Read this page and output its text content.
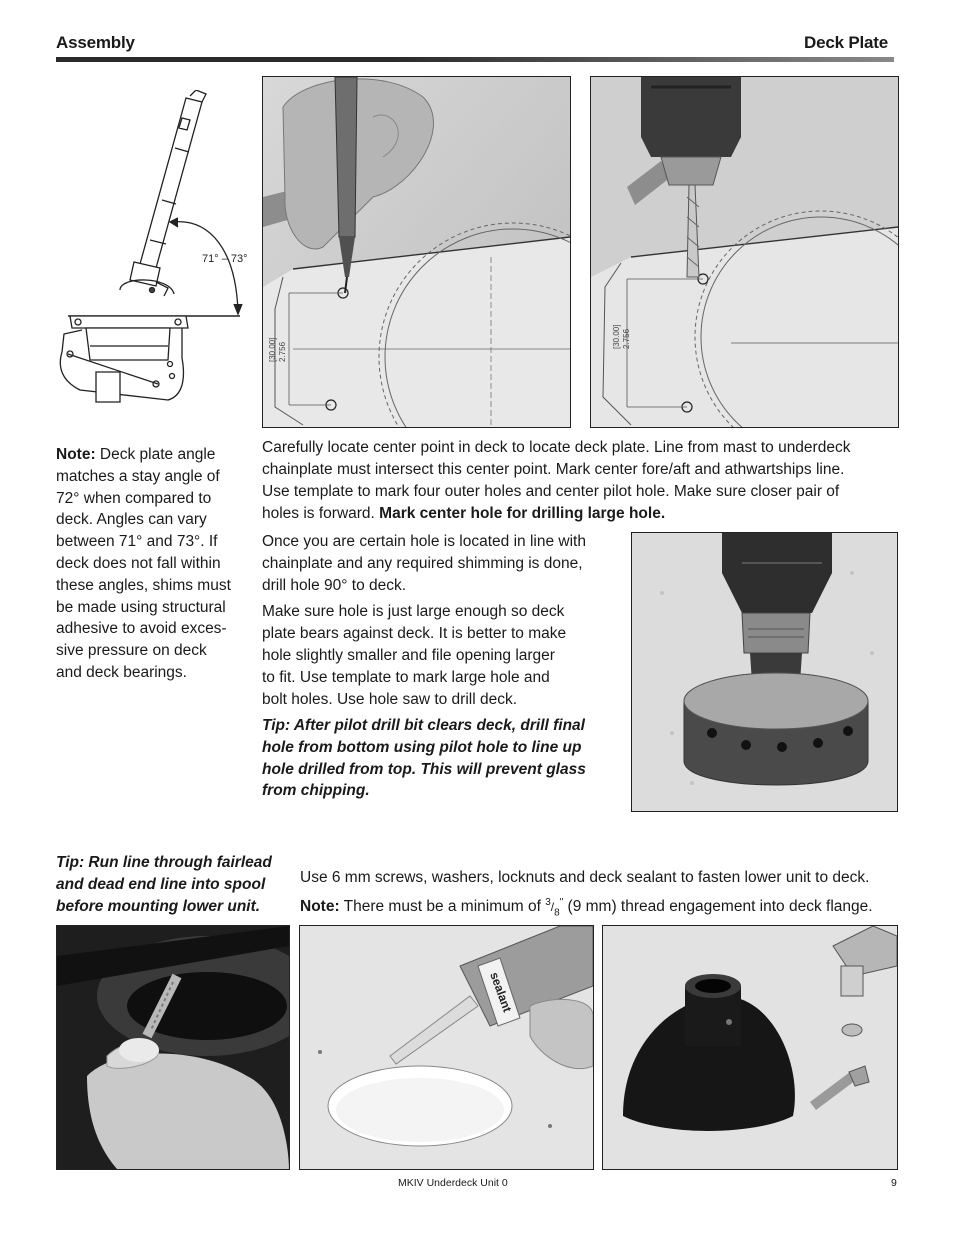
Assembly	Deck Plate
71° – 73°
[30.00] 2.756
[30.00] 2.756
Note: Deck plate angle
matches a stay angle of
72° when compared to
deck. Angles can vary
between 71° and 73°. If
deck does not fall within
these angles, shims must
be made using structural
adhesive to avoid exces-
sive pressure on deck
and deck bearings.
Carefully locate center point in deck to locate deck plate. Line from mast to underdeck
chainplate must intersect this center point. Mark center fore/aft and athwartships line.
Use template to mark four outer holes and center pilot hole. Make sure closer pair of
holes is forward. Mark center hole for drilling large hole.
Once you are certain hole is located in line with
chainplate and any required shimming is done,
drill hole 90° to deck.
Make sure hole is just large enough so deck
plate bears against deck. It is better to make
hole slightly smaller and file opening larger
to fit. Use template to mark large hole and
bolt holes. Use hole saw to drill deck.
Tip: After pilot drill bit clears deck, drill final
hole from bottom using pilot hole to line up
hole drilled from top. This will prevent glass
from chipping.
Tip: Run line through fairlead
and dead end line into spool
before mounting lower unit.
Use 6 mm screws, washers, locknuts and deck sealant to fasten lower unit to deck.
Note: There must be a minimum of $^3/_8^"$ (9 mm) thread engagement into deck flange.
sealant
MKIV Underdeck Unit 0	9
